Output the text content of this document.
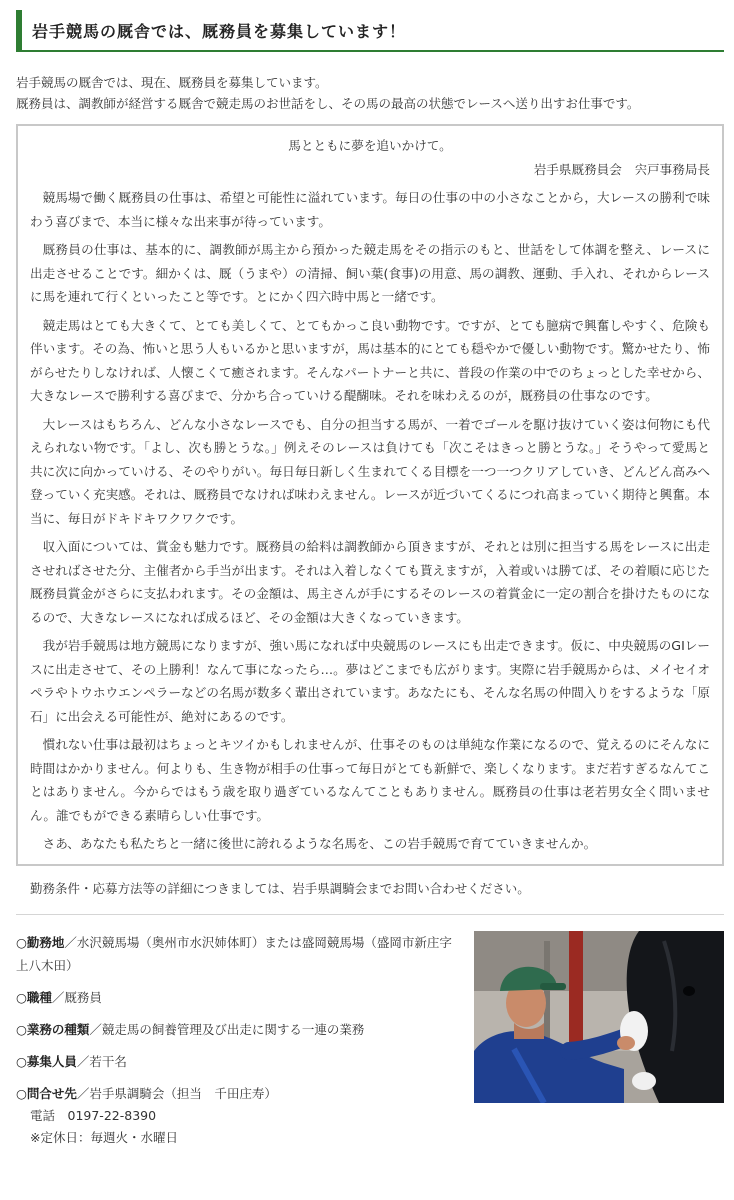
岩手競馬の厩舎では、厩務員を募集しています！

岩手競馬の厩舎では、現在、厩務員を募集しています。

厩務員は、調教師が経営する厩舎で競走馬のお世話をし、その馬の最高の状態でレースへ送り出すお仕事です。

馬とともに夢を追いかけて。

岩手県厩務員会　宍戸事務局長

競馬場で働く厩務員の仕事は、希望と可能性に溢れています。毎日の仕事の中の小さなことから，大レースの勝利で味わう喜びまで、本当に様々な出来事が待っています。

厩務員の仕事は、基本的に、調教師が馬主から預かった競走馬をその指示のもと、世話をして体調を整え、レースに出走させることです。細かくは、厩（うまや）の清掃、飼い葉(食事)の用意、馬の調教、運動、手入れ、それからレースに馬を連れて行くといったこと等です。とにかく四六時中馬と一緒です。

競走馬はとても大きくて、とても美しくて、とてもかっこ良い動物です。ですが、とても臆病で興奮しやすく、危険も伴います。その為、怖いと思う人もいるかと思いますが，馬は基本的にとても穏やかで優しい動物です。驚かせたり、怖がらせたりしなければ、人懐こくて癒されます。そんなパートナーと共に、普段の作業の中でのちょっとした幸せから、大きなレースで勝利する喜びまで、分かち合っていける醍醐味。それを味わえるのが，厩務員の仕事なのです。

大レースはもちろん、どんな小さなレースでも、自分の担当する馬が、一着でゴールを駆け抜けていく姿は何物にも代えられない物です。「よし、次も勝とうな。」例えそのレースは負けても「次こそはきっと勝とうな。」そうやって愛馬と共に次に向かっていける、そのやりがい。毎日毎日新しく生まれてくる目標を一つ一つクリアしていき、どんどん高みへ登っていく充実感。それは、厩務員でなければ味わえません。レースが近づいてくるにつれ高まっていく期待と興奮。本当に、毎日がドキドキワクワクです。

収入面については、賞金も魅力です。厩務員の給料は調教師から頂きますが、それとは別に担当する馬をレースに出走させればさせた分、主催者から手当が出ます。それは入着しなくても貰えますが，入着或いは勝てば、その着順に応じた厩務員賞金がさらに支払われます。その金額は、馬主さんが手にするそのレースの着賞金に一定の割合を掛けたものになるので、大きなレースになれば成るほど、その金額は大きくなっていきます。

我が岩手競馬は地方競馬になりますが、強い馬になれば中央競馬のレースにも出走できます。仮に、中央競馬のGIレースに出走させて、その上勝利！なんて事になったら…。夢はどこまでも広がります。実際に岩手競馬からは、メイセイオペラやトウホウエンペラーなどの名馬が数多く輩出されています。あなたにも、そんな名馬の仲間入りをするような「原石」に出会える可能性が、絶対にあるのです。

慣れない仕事は最初はちょっとキツイかもしれませんが、仕事そのものは単純な作業になるので、覚えるのにそんなに時間はかかりません。何よりも、生き物が相手の仕事って毎日がとても新鮮で、楽しくなります。まだ若すぎるなんてことはありません。今からではもう歳を取り過ぎているなんてこともありません。厩務員の仕事は老若男女全く問いません。誰でもができる素晴らしい仕事です。

さあ、あなたも私たちと一緒に後世に誇れるような名馬を、この岩手競馬で育てていきませんか。

勤務条件・応募方法等の詳細につきましては、岩手県調騎会までお問い合わせください。

○勤務地／水沢競馬場（奥州市水沢姉体町）または盛岡競馬場（盛岡市新庄字上八木田）

○職種／厩務員

○業務の種類／競走馬の飼養管理及び出走に関する一連の業務

○募集人員／若干名

○問合せ先／岩手県調騎会（担当　千田庄寿）

電話　0197-22-8390

※定休日：毎週火・水曜日
